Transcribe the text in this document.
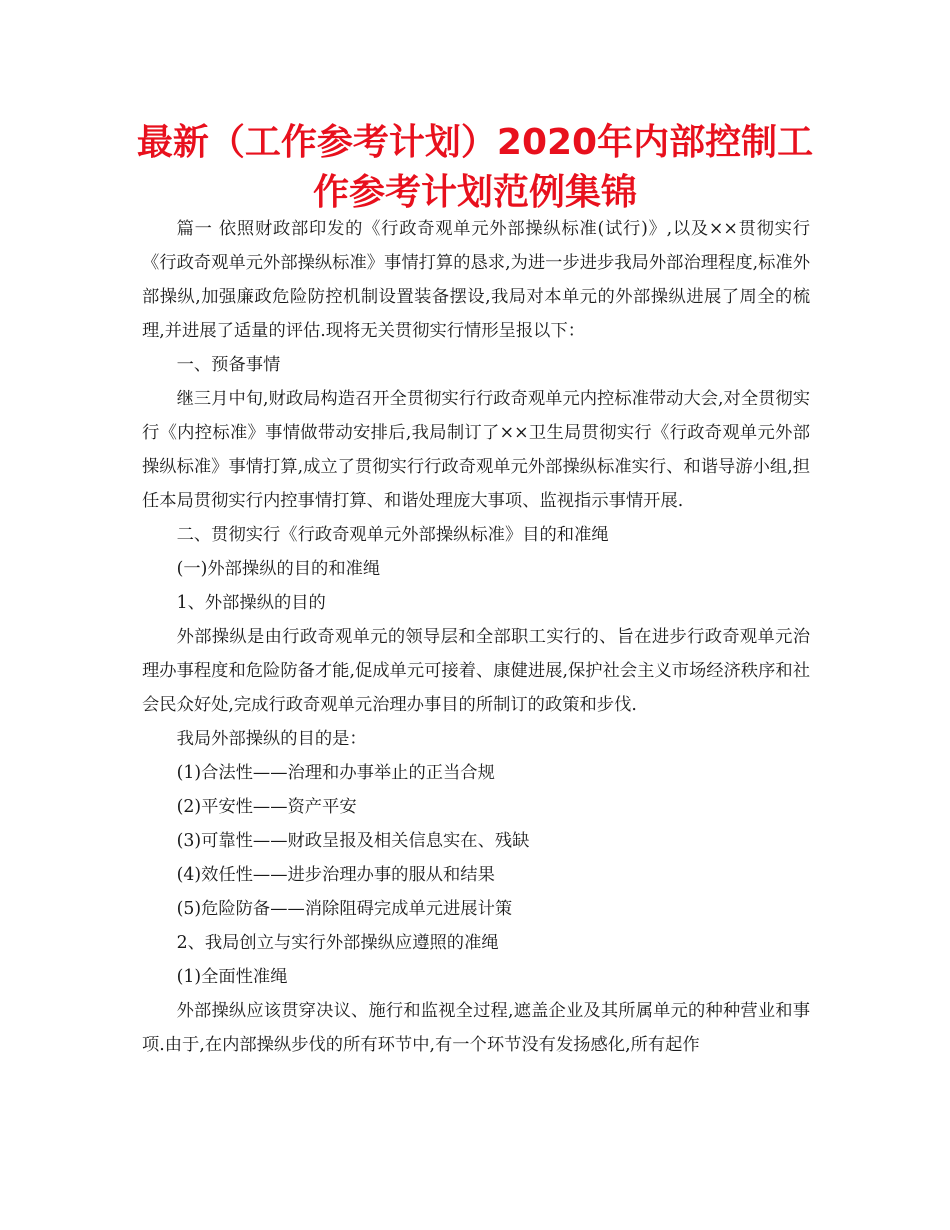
最新（工作参考计划）2020年内部控制工
作参考计划范例集锦

篇一 依照财政部印发的《行政奇观单元外部操纵标准(试行)》,以及××贯彻实行《行政奇观单元外部操纵标准》事情打算的恳求,为进一步进步我局外部治理程度,标准外部操纵,加强廉政危险防控机制设置装备摆设,我局对本单元的外部操纵进展了周全的梳理,并进展了适量的评估.现将无关贯彻实行情形呈报以下：

一、预备事情

继三月中旬,财政局构造召开全贯彻实行行政奇观单元内控标准带动大会,对全贯彻实行《内控标准》事情做带动安排后,我局制订了××卫生局贯彻实行《行政奇观单元外部操纵标准》事情打算,成立了贯彻实行行政奇观单元外部操纵标准实行、和谐导游小组,担任本局贯彻实行内控事情打算、和谐处理庞大事项、监视指示事情开展.

二、贯彻实行《行政奇观单元外部操纵标准》目的和准绳

(一)外部操纵的目的和准绳

1、外部操纵的目的

外部操纵是由行政奇观单元的领导层和全部职工实行的、旨在进步行政奇观单元治理办事程度和危险防备才能,促成单元可接着、康健进展,保护社会主义市场经济秩序和社会民众好处,完成行政奇观单元治理办事目的所制订的政策和步伐.

我局外部操纵的目的是：

(1)合法性——治理和办事举止的正当合规

(2)平安性——资产平安

(3)可靠性——财政呈报及相关信息实在、残缺

(4)效任性——进步治理办事的服从和结果

(5)危险防备——消除阻碍完成单元进展计策

2、我局创立与实行外部操纵应遵照的准绳

(1)全面性准绳

外部操纵应该贯穿决议、施行和监视全过程,遮盖企业及其所属单元的种种营业和事项.由于,在内部操纵步伐的所有环节中,有一个环节没有发扬感化,所有起作
